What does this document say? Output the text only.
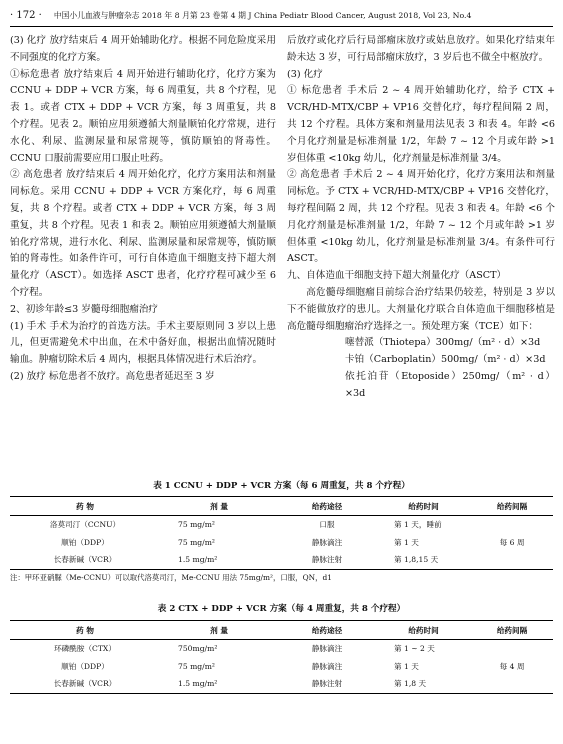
· 172 · 中国小儿血液与肿瘤杂志 2018 年 8 月第 23 卷第 4 期 J China Pediatr Blood Cancer, August 2018, Vol 23, No.4

(3) 化疗 放疗结束后 4 周开始辅助化疗。根据不同危险度采用不同强度的化疗方案。

①标危患者 放疗结束后 4 周开始进行辅助化疗，化疗方案为 CCNU + DDP + VCR 方案，每 6 周重复，共 8 个疗程，见表 1。或者 CTX + DDP + VCR 方案，每 3 周重复，共 8 个疗程。见表 2。顺铂应用须遵循大剂量顺铂化疗常规，进行水化、利尿、监测尿量和尿常规等，慎防顺铂的肾毒性。CCNU 口服前需要应用口服止吐药。

② 高危患者 放疗结束后 4 周开始化疗，化疗方案用法和剂量同标危。采用 CCNU + DDP + VCR 方案化疗，每 6 周重复，共 8 个疗程。或者 CTX + DDP + VCR 方案，每 3 周重复，共 8 个疗程。见表 1 和表 2。顺铂应用须遵循大剂量顺铂化疗常规，进行水化、利尿、监测尿量和尿常规等，慎防顺铂的肾毒性。如条件许可，可行自体造血干细胞支持下超大剂量化疗（ASCT）。如选择 ASCT 患者，化疗疗程可减少至 6 个疗程。

2、初诊年龄≤3 岁髓母细胞瘤治疗

(1) 手术 手术为治疗的首选方法。手术主要原则同 3 岁以上患儿，但更需避免术中出血，在术中备好血，根据出血情况随时输血。肿瘤切除术后 4 周内，根据具体情况进行术后治疗。

(2) 放疗 标危患者不放疗。高危患者延迟至 3 岁

后放疗或化疗后行局部瘤床放疗或姑息放疗。如果化疗结束年龄未达 3 岁，可行局部瘤床放疗，3 岁后也不做全中枢放疗。

(3) 化疗

① 标危患者 手术后 2 ~ 4 周开始辅助化疗，给予 CTX + VCR/HD-MTX/CBP + VP16 交替化疗，每疗程间隔 2 周，共 12 个疗程。具体方案和剂量用法见表 3 和表 4。年龄 <6 个月化疗剂量是标准剂量 1/2，年龄 7 ~ 12 个月或年龄 >1 岁但体重 <10kg 幼儿，化疗剂量是标准剂量 3/4。

② 高危患者 手术后 2 ~ 4 周开始化疗，化疗方案用法和剂量同标危。予 CTX + VCR/HD-MTX/CBP + VP16 交替化疗，每疗程间隔 2 周，共 12 个疗程。见表 3 和表 4。年龄 <6 个月化疗剂量是标准剂量 1/2，年龄 7 ~ 12 个月或年龄 >1 岁但体重 <10kg 幼儿，化疗剂量是标准剂量 3/4。有条件可行 ASCT。

九、自体造血干细胞支持下超大剂量化疗（ASCT）

高危髓母细胞瘤目前综合治疗结果仍较差，特别是 3 岁以下不能做放疗的患儿。大剂量化疗联合自体造血干细胞移植是高危髓母细胞瘤治疗选择之一。预处理方案（TCE）如下：

噻替派（Thiotepa）300mg/（m² · d）×3d

卡铂（Carboplatin）500mg/（m² · d）×3d

依托泊苷（Etoposide）250mg/（m² · d）×3d

表 1 CCNU + DDP + VCR 方案（每 6 周重复，共 8 个疗程）
药 物	剂 量	给药途径	给药时间	给药间隔
洛莫司汀（CCNU）	75 mg/m²	口服	第 1 天，睡前	
顺铂（DDP）	75 mg/m²	静脉滴注	第 1 天	每 6 周
长春新碱（VCR）	1.5 mg/m²	静脉注射	第 1,8,15 天	
注：甲环亚硝脲（Me-CCNU）可以取代洛莫司汀，Me-CCNU 用法 75mg/m²，口服，QN，d1
表 2 CTX + DDP + VCR 方案（每 4 周重复，共 8 个疗程）
药 物	剂 量	给药途径	给药时间	给药间隔
环磷酰胺（CTX）	750mg/m²	静脉滴注	第 1 ~ 2 天	
顺铂（DDP）	75 mg/m²	静脉滴注	第 1 天	每 4 周
长春新碱（VCR）	1.5 mg/m²	静脉注射	第 1,8 天	
